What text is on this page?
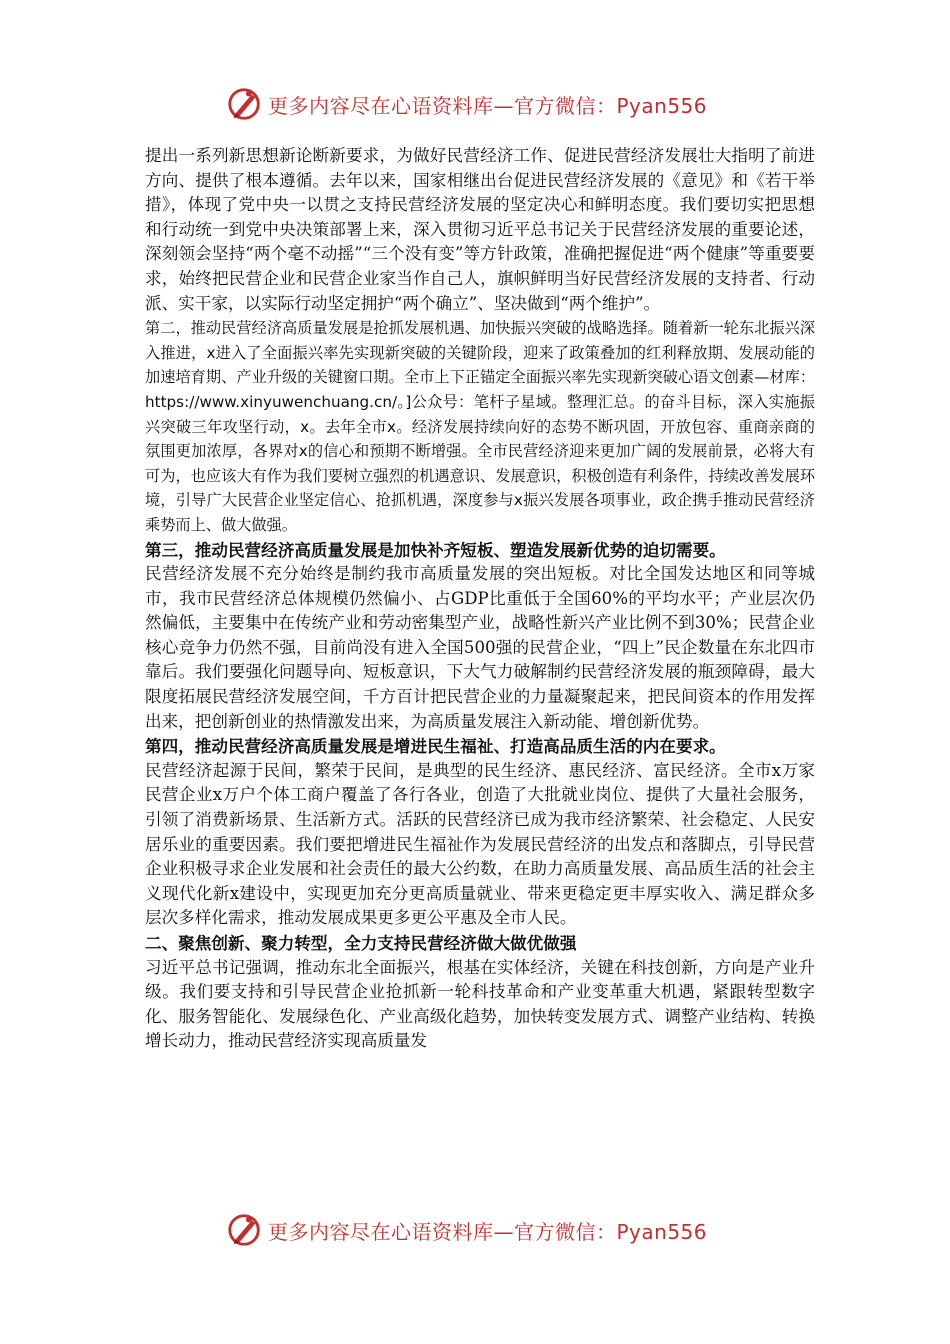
更多内容尽在心语资料库—官方微信：Pyan556

提出一系列新思想新论断新要求，为做好民营经济工作、促进民营经济发展壮大指明了前进方向、提供了根本遵循。去年以来，国家相继出台促进民营经济发展的《意见》和《若干举措》，体现了党中央一以贯之支持民营经济发展的坚定决心和鲜明态度。我们要切实把思想和行动统一到党中央决策部署上来，深入贯彻习近平总书记关于民营经济发展的重要论述，深刻领会坚持“两个毫不动摇”“三个没有变”等方针政策，准确把握促进“两个健康”等重要要求，始终把民营企业和民营企业家当作自己人，旗帜鲜明当好民营经济发展的支持者、行动派、实干家，以实际行动坚定拥护“两个确立”、坚决做到“两个维护”。

第二，推动民营经济高质量发展是抢抓发展机遇、加快振兴突破的战略选择。随着新一轮东北振兴深入推进，x进入了全面振兴率先实现新突破的关键阶段，迎来了政策叠加的红利释放期、发展动能的加速培育期、产业升级的关键窗口期。全市上下正锚定全面振兴率先实现新突破心语文创素—材库：https://www.xinyuwenchuang.cn/。]公众号：笔杆子星域。整理汇总。的奋斗目标，深入实施振兴突破三年攻坚行动，x。去年全市x。经济发展持续向好的态势不断巩固，开放包容、重商亲商的氛围更加浓厚，各界对x的信心和预期不断增强。全市民营经济迎来更加广阔的发展前景，必将大有可为，也应该大有作为我们要树立强烈的机遇意识、发展意识，积极创造有利条件，持续改善发展环境，引导广大民营企业坚定信心、抢抓机遇，深度参与x振兴发展各项事业，政企携手推动民营经济乘势而上、做大做强。

第三，推动民营经济高质量发展是加快补齐短板、塑造发展新优势的迫切需要。

民营经济发展不充分始终是制约我市高质量发展的突出短板。对比全国发达地区和同等城市，我市民营经济总体规模仍然偏小、占GDP比重低于全国60%的平均水平；产业层次仍然偏低，主要集中在传统产业和劳动密集型产业，战略性新兴产业比例不到30%；民营企业核心竞争力仍然不强，目前尚没有进入全国500强的民营企业，“四上”民企数量在东北四市靠后。我们要强化问题导向、短板意识，下大气力破解制约民营经济发展的瓶颈障碍，最大限度拓展民营经济发展空间，千方百计把民营企业的力量凝聚起来，把民间资本的作用发挥出来，把创新创业的热情激发出来，为高质量发展注入新动能、增创新优势。

第四，推动民营经济高质量发展是增进民生福祉、打造高品质生活的内在要求。

民营经济起源于民间，繁荣于民间，是典型的民生经济、惠民经济、富民经济。全市x万家民营企业x万户个体工商户覆盖了各行各业，创造了大批就业岗位、提供了大量社会服务，引领了消费新场景、生活新方式。活跃的民营经济已成为我市经济繁荣、社会稳定、人民安居乐业的重要因素。我们要把增进民生福祉作为发展民营经济的出发点和落脚点，引导民营企业积极寻求企业发展和社会责任的最大公约数，在助力高质量发展、高品质生活的社会主义现代化新x建设中，实现更加充分更高质量就业、带来更稳定更丰厚实收入、满足群众多层次多样化需求，推动发展成果更多更公平惠及全市人民。

二、聚焦创新、聚力转型，全力支持民营经济做大做优做强

习近平总书记强调，推动东北全面振兴，根基在实体经济，关键在科技创新，方向是产业升级。我们要支持和引导民营企业抢抓新一轮科技革命和产业变革重大机遇，紧跟转型数字化、服务智能化、发展绿色化、产业高级化趋势，加快转变发展方式、调整产业结构、转换增长动力，推动民营经济实现高质量发

更多内容尽在心语资料库—官方微信：Pyan556
